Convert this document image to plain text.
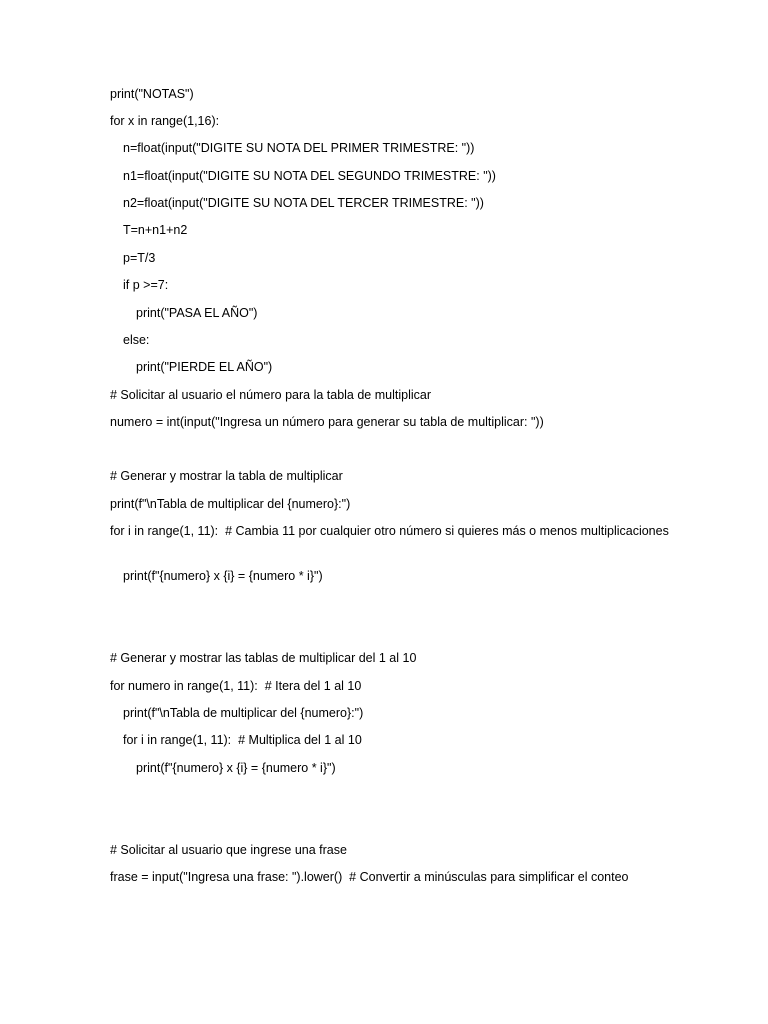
print("NOTAS")
for x in range(1,16):
n=float(input("DIGITE SU NOTA DEL PRIMER TRIMESTRE: "))
n1=float(input("DIGITE SU NOTA DEL SEGUNDO TRIMESTRE: "))
n2=float(input("DIGITE SU NOTA DEL TERCER TRIMESTRE: "))
T=n+n1+n2
p=T/3
if p >=7:
print("PASA EL AÑO")
else:
print("PIERDE EL AÑO")
# Solicitar al usuario el número para la tabla de multiplicar
numero = int(input("Ingresa un número para generar su tabla de multiplicar: "))
# Generar y mostrar la tabla de multiplicar
print(f"\nTabla de multiplicar del {numero}:")
for i in range(1, 11):  # Cambia 11 por cualquier otro número si quieres más o menos multiplicaciones
print(f"{numero} x {i} = {numero * i}")
# Generar y mostrar las tablas de multiplicar del 1 al 10
for numero in range(1, 11):  # Itera del 1 al 10
print(f"\nTabla de multiplicar del {numero}:")
for i in range(1, 11):  # Multiplica del 1 al 10
print(f"{numero} x {i} = {numero * i}")
# Solicitar al usuario que ingrese una frase
frase = input("Ingresa una frase: ").lower()  # Convertir a minúsculas para simplificar el conteo
